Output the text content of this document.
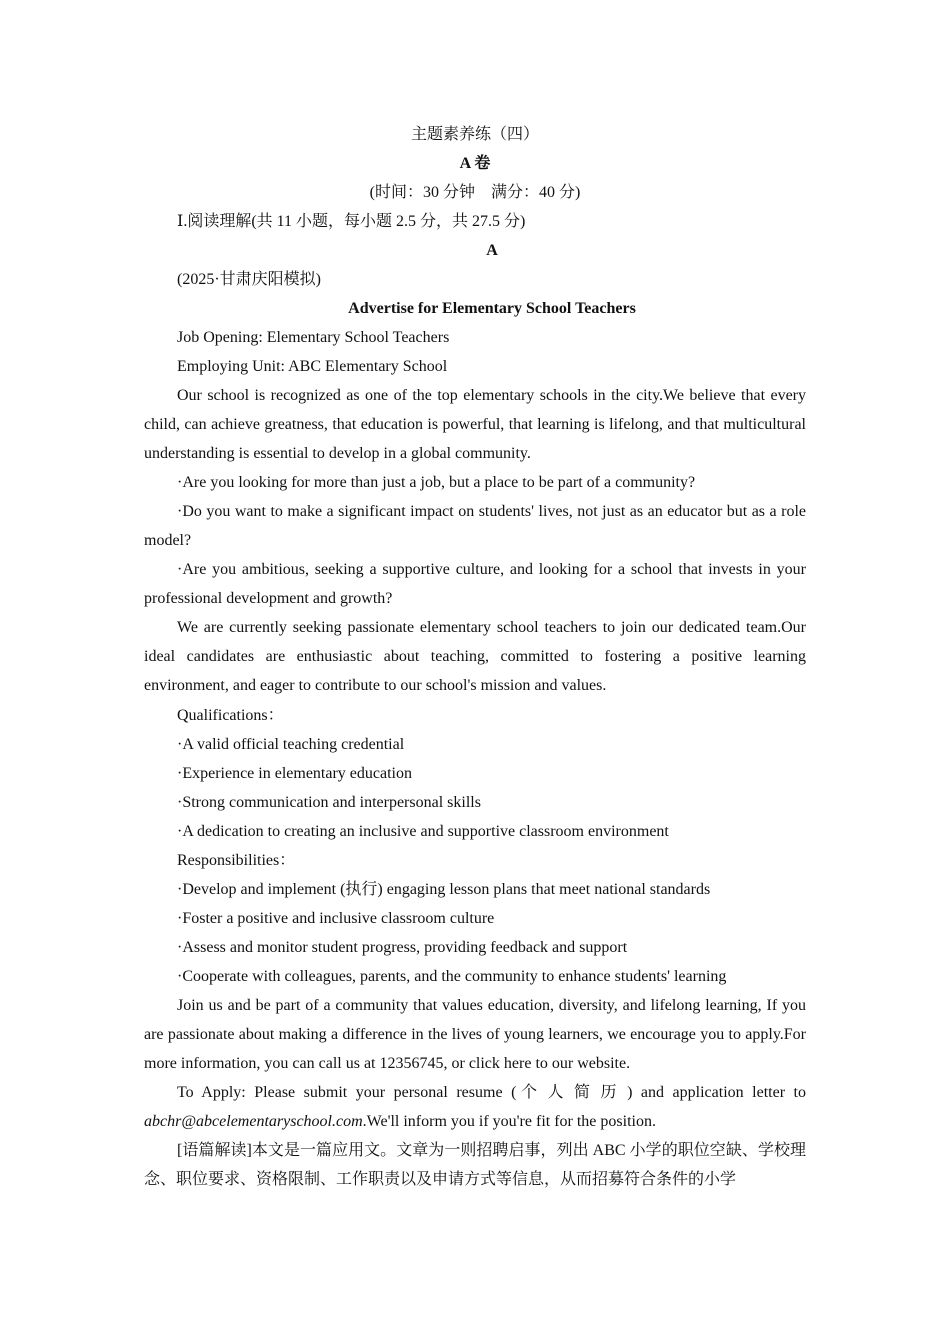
主题素养练（四）
A 卷
(时间：30 分钟　满分：40 分)
Ⅰ.阅读理解(共 11 小题，每小题 2.5 分，共 27.5 分)
A
(2025·甘肃庆阳模拟)
Advertise for Elementary School Teachers
Job Opening: Elementary School Teachers
Employing Unit: ABC Elementary School
Our school is recognized as one of the top elementary schools in the city.We believe that every child, can achieve greatness, that education is powerful, that learning is lifelong, and that multicultural understanding is essential to develop in a global community.
·Are you looking for more than just a job, but a place to be part of a community?
·Do you want to make a significant impact on students' lives, not just as an educator but as a role model?
·Are you ambitious, seeking a supportive culture, and looking for a school that invests in your professional development and growth?
We are currently seeking passionate elementary school teachers to join our dedicated team.Our ideal candidates are enthusiastic about teaching, committed to fostering a positive learning environment, and eager to contribute to our school's mission and values.
Qualifications：
·A valid official teaching credential
·Experience in elementary education
·Strong communication and interpersonal skills
·A dedication to creating an inclusive and supportive classroom environment
Responsibilities：
·Develop and implement (执行) engaging lesson plans that meet national standards
·Foster a positive and inclusive classroom culture
·Assess and monitor student progress, providing feedback and support
·Cooperate with colleagues, parents, and the community to enhance students' learning
Join us and be part of a community that values education, diversity, and lifelong learning, If you are passionate about making a difference in the lives of young learners, we encourage you to apply.For more information, you can call us at 12356745, or click here to our website.
To Apply: Please submit your personal resume (个人简历) and application letter to abchr@abcelementaryschool.com.We'll inform you if you're fit for the position.
[语篇解读]本文是一篇应用文。文章为一则招聘启事，列出 ABC 小学的职位空缺、学校理念、职位要求、资格限制、工作职责以及申请方式等信息，从而招募符合条件的小学
